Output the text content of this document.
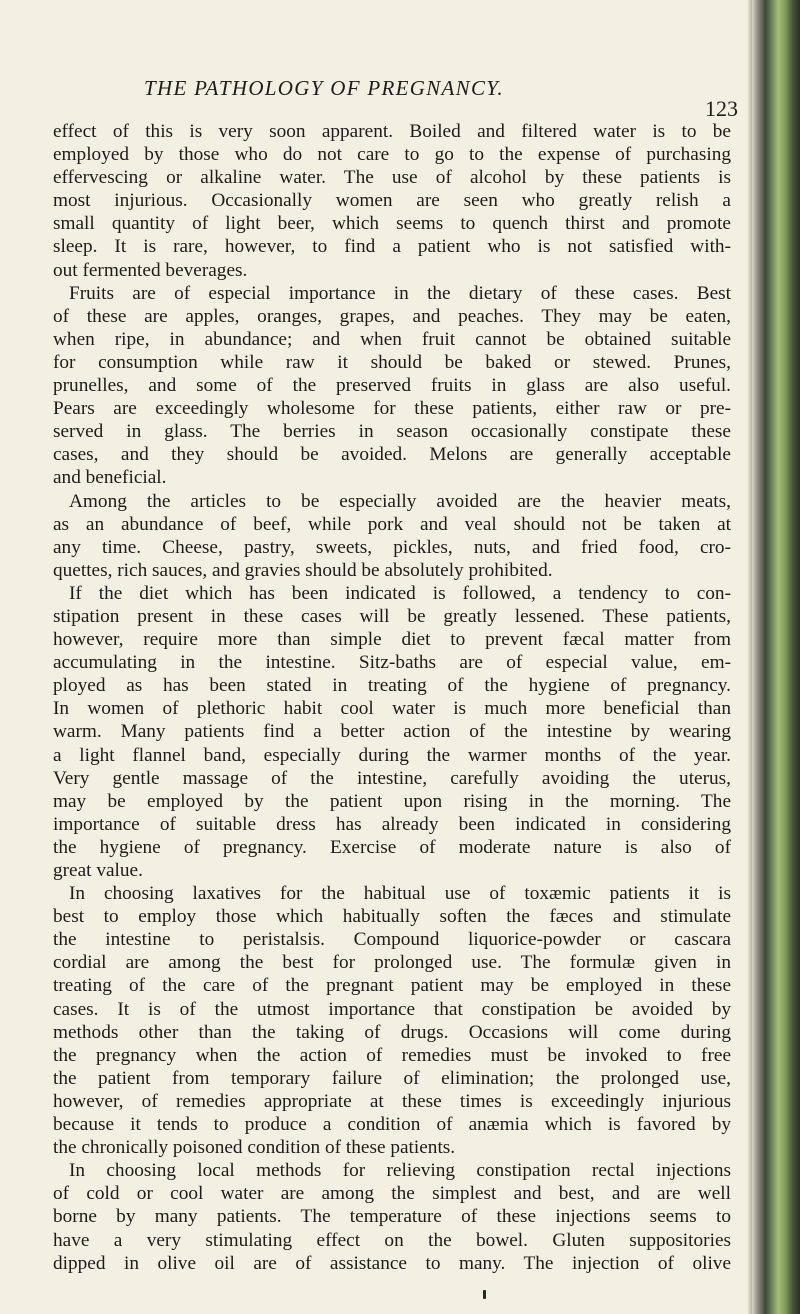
THE PATHOLOGY OF PREGNANCY.
123
effect of this is very soon apparent. Boiled and filtered water is to be
employed by those who do not care to go to the expense of purchasing
effervescing or alkaline water. The use of alcohol by these patients is
most injurious. Occasionally women are seen who greatly relish a
small quantity of light beer, which seems to quench thirst and promote
sleep. It is rare, however, to find a patient who is not satisfied with-
out fermented beverages.
Fruits are of especial importance in the dietary of these cases. Best
of these are apples, oranges, grapes, and peaches. They may be eaten,
when ripe, in abundance; and when fruit cannot be obtained suitable
for consumption while raw it should be baked or stewed. Prunes,
prunelles, and some of the preserved fruits in glass are also useful.
Pears are exceedingly wholesome for these patients, either raw or pre-
served in glass. The berries in season occasionally constipate these
cases, and they should be avoided. Melons are generally acceptable
and beneficial.
Among the articles to be especially avoided are the heavier meats,
as an abundance of beef, while pork and veal should not be taken at
any time. Cheese, pastry, sweets, pickles, nuts, and fried food, cro-
quettes, rich sauces, and gravies should be absolutely prohibited.
If the diet which has been indicated is followed, a tendency to con-
stipation present in these cases will be greatly lessened. These patients,
however, require more than simple diet to prevent fæcal matter from
accumulating in the intestine. Sitz-baths are of especial value, em-
ployed as has been stated in treating of the hygiene of pregnancy.
In women of plethoric habit cool water is much more beneficial than
warm. Many patients find a better action of the intestine by wearing
a light flannel band, especially during the warmer months of the year.
Very gentle massage of the intestine, carefully avoiding the uterus,
may be employed by the patient upon rising in the morning. The
importance of suitable dress has already been indicated in considering
the hygiene of pregnancy. Exercise of moderate nature is also of
great value.
In choosing laxatives for the habitual use of toxæmic patients it is
best to employ those which habitually soften the fæces and stimulate
the intestine to peristalsis. Compound liquorice-powder or cascara
cordial are among the best for prolonged use. The formulæ given in
treating of the care of the pregnant patient may be employed in these
cases. It is of the utmost importance that constipation be avoided by
methods other than the taking of drugs. Occasions will come during
the pregnancy when the action of remedies must be invoked to free
the patient from temporary failure of elimination; the prolonged use,
however, of remedies appropriate at these times is exceedingly injurious
because it tends to produce a condition of anæmia which is favored by
the chronically poisoned condition of these patients.
In choosing local methods for relieving constipation rectal injections
of cold or cool water are among the simplest and best, and are well
borne by many patients. The temperature of these injections seems to
have a very stimulating effect on the bowel. Gluten suppositories
dipped in olive oil are of assistance to many. The injection of olive
